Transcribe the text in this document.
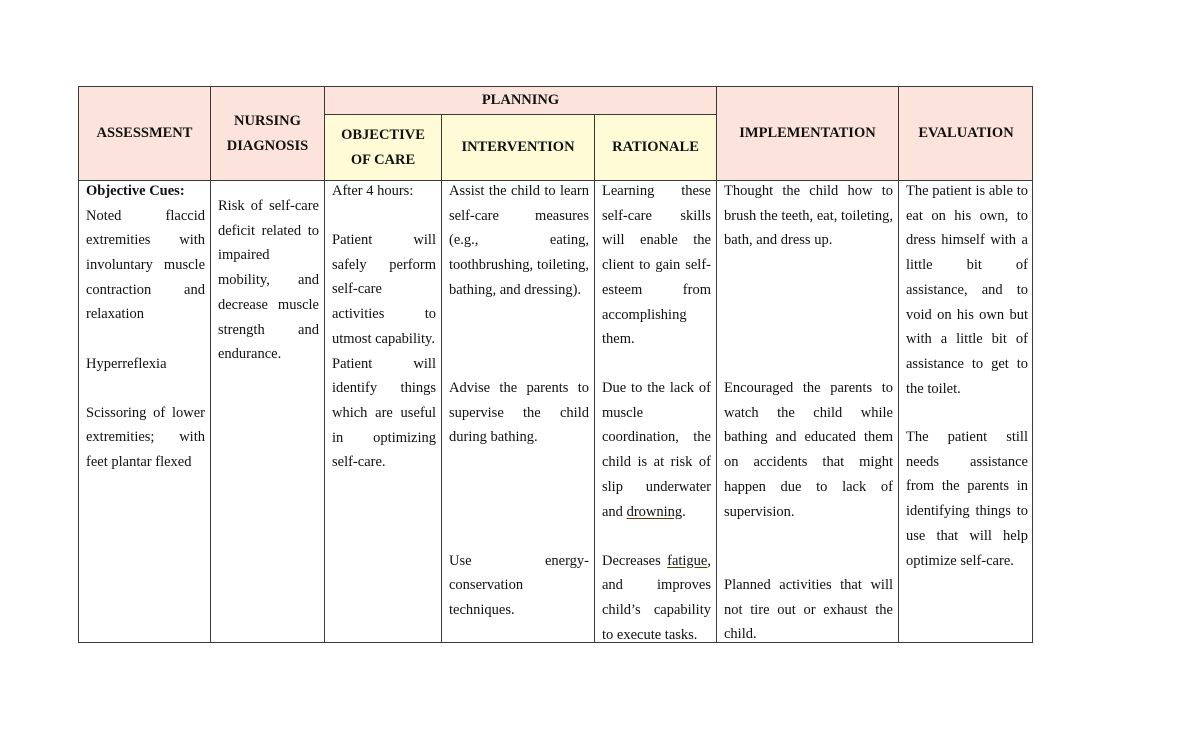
ASSESSMENT
NURSING
DIAGNOSIS
PLANNING
OBJECTIVE
OF CARE
INTERVENTION	RATIONALE
IMPLEMENTATION	EVALUATION
Objective Cues:
Noted flaccid extremities with involuntary muscle contraction and relaxation
Hyperreflexia
Scissoring of lower extremities; with feet plantar flexed
Risk of self-care deficit related to impaired mobility, and decrease muscle strength and endurance.
After 4 hours:
Patient will safely perform self-care activities to utmost capability.
Patient will identify things which are useful in optimizing self-care.
Assist the child to learn self-care measures (e.g., eating, toothbrushing, toileting, bathing, and dressing).
Advise the parents to supervise the child during bathing.
Use energy-conservation techniques.
Learning these self-care skills will enable the client to gain self-esteem from accomplishing them.
Due to the lack of muscle coordination, the child is at risk of slip underwater and drowning.
Decreases fatigue, and improves child’s capability to execute tasks.
Thought the child how to brush the teeth, eat, toileting, bath, and dress up.
Encouraged the parents to watch the child while bathing and educated them on accidents that might happen due to lack of supervision.
Planned activities that will not tire out or exhaust the child.
The patient is able to eat on his own, to dress himself with a little bit of assistance, and to void on his own but with a little bit of assistance to get to the toilet.
The patient still needs assistance from the parents in identifying things to use that will help optimize self-care.
